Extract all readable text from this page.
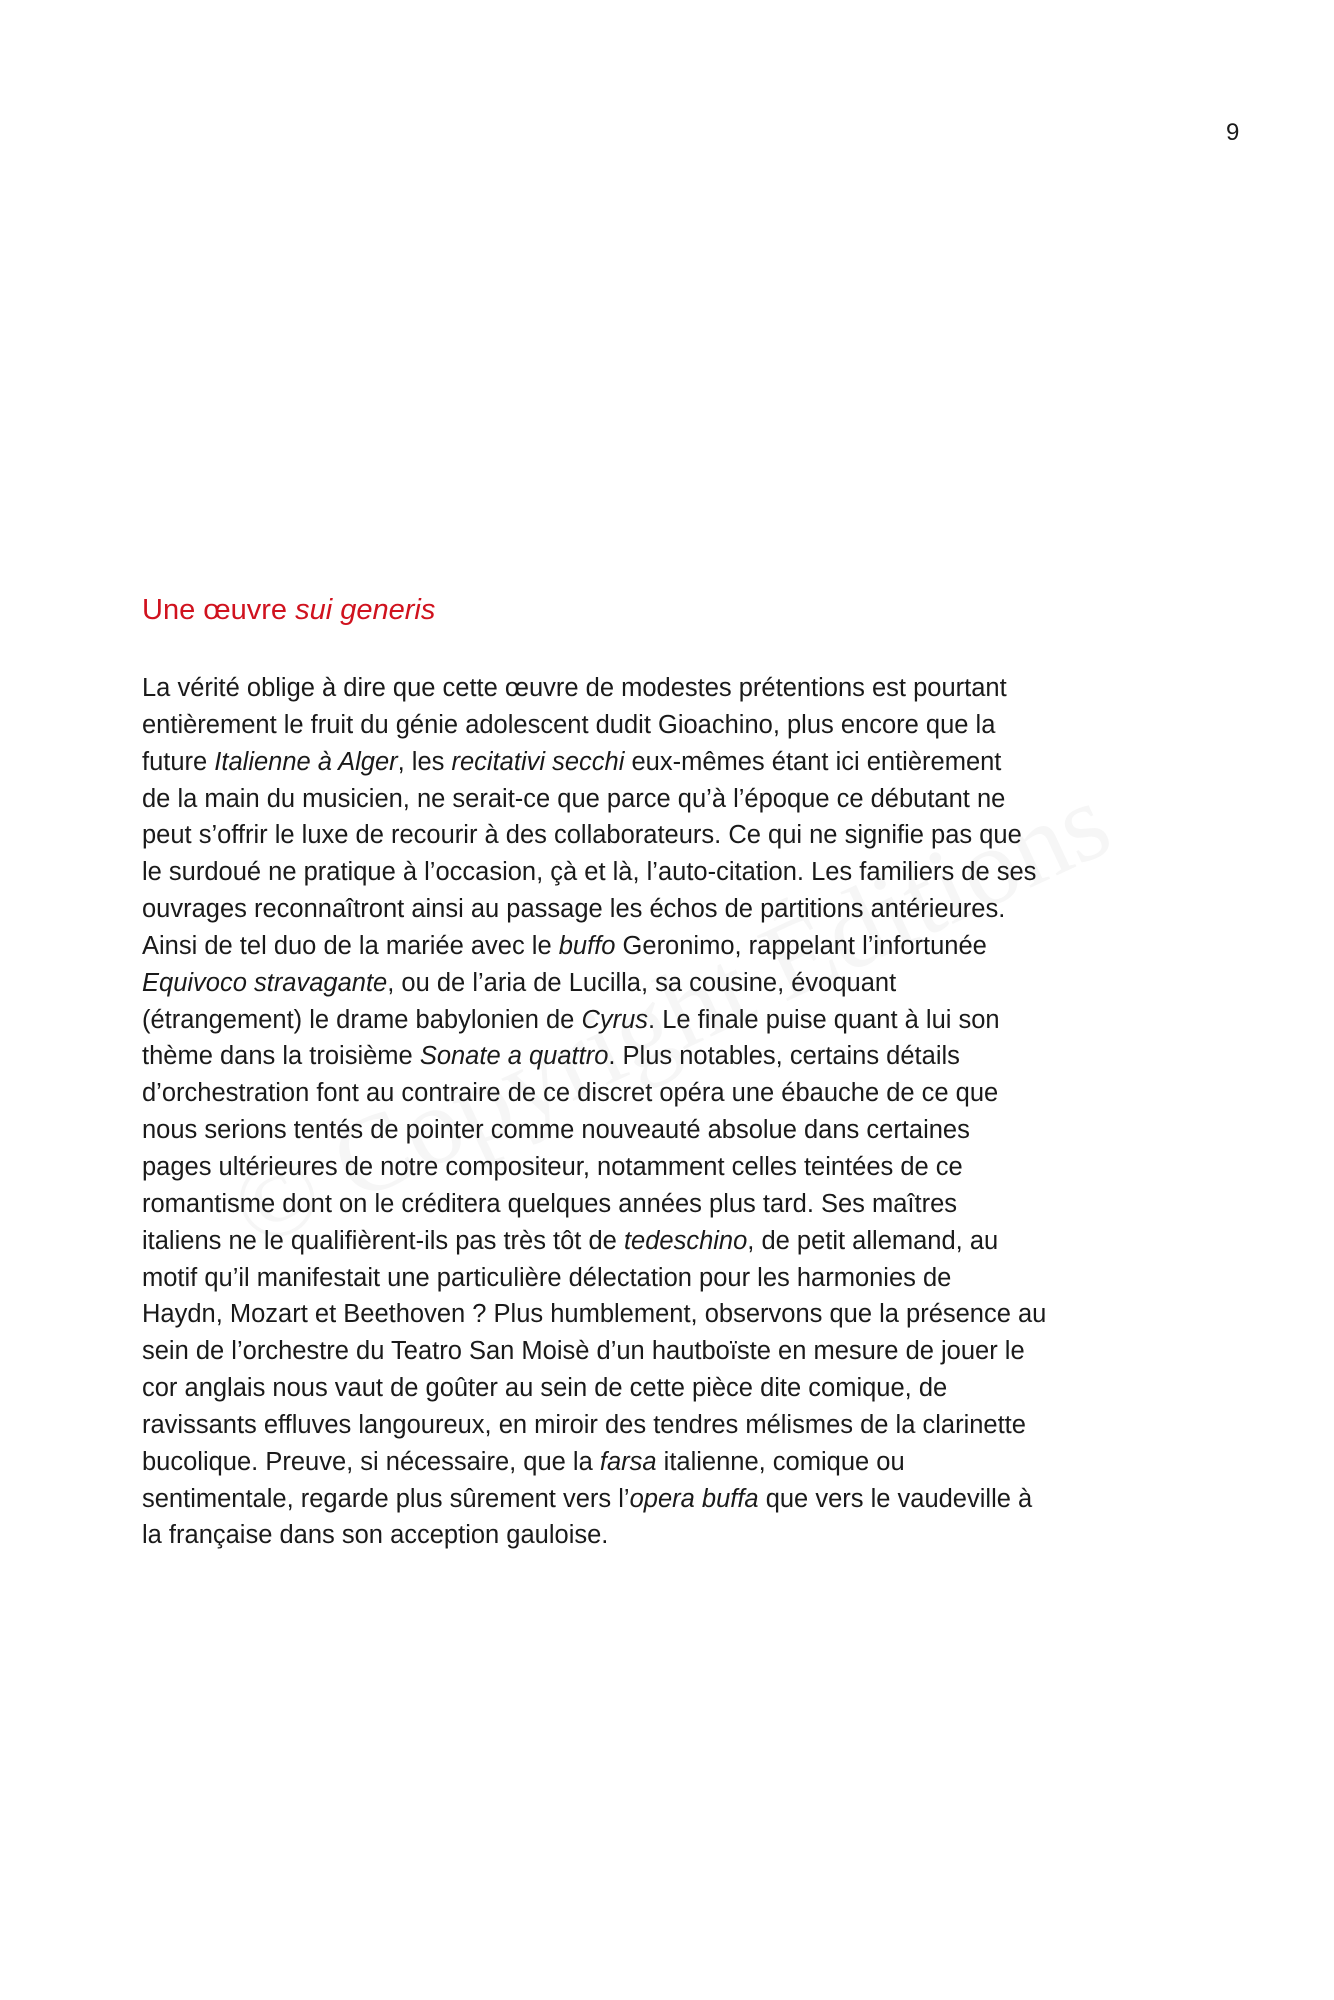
9
Une œuvre sui generis

La vérité oblige à dire que cette œuvre de modestes prétentions est pourtant
entièrement le fruit du génie adolescent dudit Gioachino, plus encore que la
future Italienne à Alger, les recitativi secchi eux-mêmes étant ici entièrement
de la main du musicien, ne serait-ce que parce qu’à l’époque ce débutant ne
peut s’offrir le luxe de recourir à des collaborateurs. Ce qui ne signifie pas que
le surdoué ne pratique à l’occasion, çà et là, l’auto-citation. Les familiers de ses
ouvrages reconnaîtront ainsi au passage les échos de partitions antérieures.
Ainsi de tel duo de la mariée avec le buffo Geronimo, rappelant l’infortunée
Equivoco stravagante, ou de l’aria de Lucilla, sa cousine, évoquant
(étrangement) le drame babylonien de Cyrus. Le finale puise quant à lui son
thème dans la troisième Sonate a quattro. Plus notables, certains détails
d’orchestration font au contraire de ce discret opéra une ébauche de ce que
nous serions tentés de pointer comme nouveauté absolue dans certaines
pages ultérieures de notre compositeur, notamment celles teintées de ce
romantisme dont on le créditera quelques années plus tard. Ses maîtres
italiens ne le qualifièrent-ils pas très tôt de tedeschino, de petit allemand, au
motif qu’il manifestait une particulière délectation pour les harmonies de
Haydn, Mozart et Beethoven ? Plus humblement, observons que la présence au
sein de l’orchestre du Teatro San Moisè d’un hautboïste en mesure de jouer le
cor anglais nous vaut de goûter au sein de cette pièce dite comique, de
ravissants effluves langoureux, en miroir des tendres mélismes de la clarinette
bucolique. Preuve, si nécessaire, que la farsa italienne, comique ou
sentimentale, regarde plus sûrement vers l’opera buffa que vers le vaudeville à
la française dans son acception gauloise.
